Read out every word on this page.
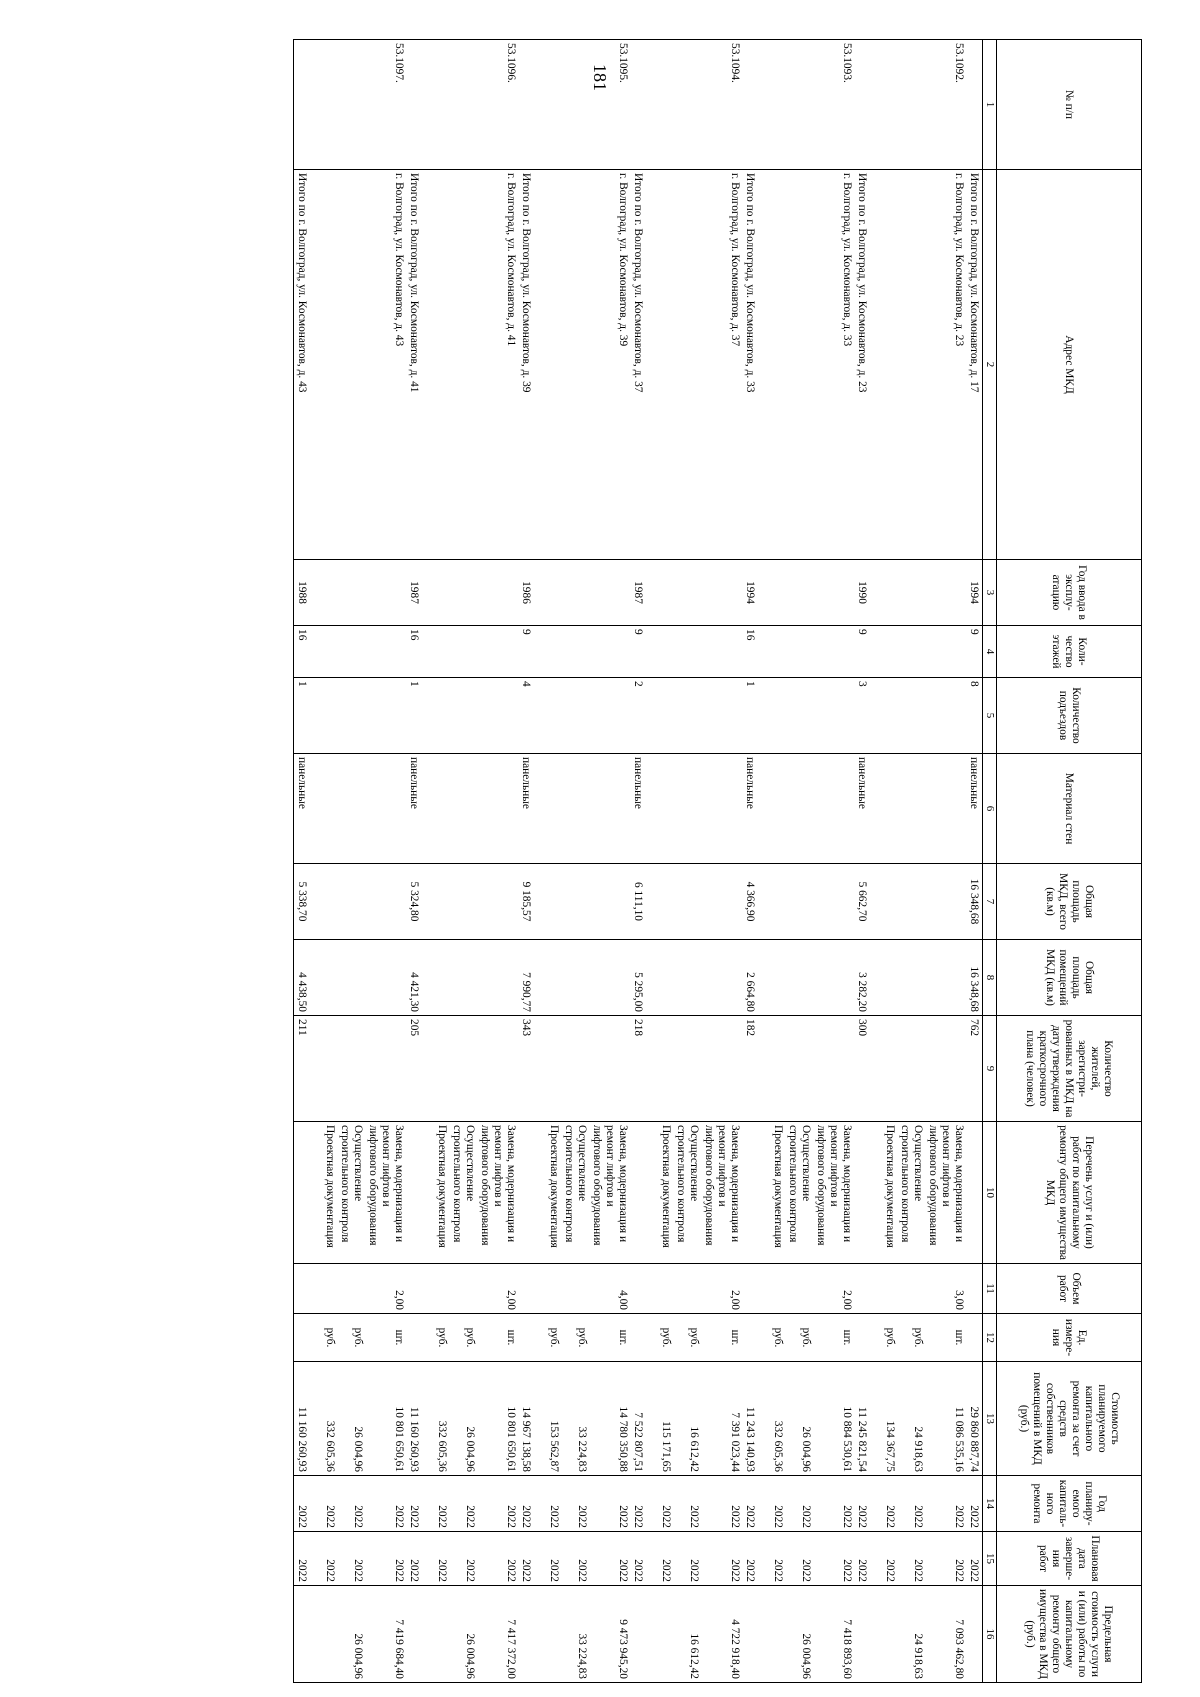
181
№ п/п	Адрес МКД	Год ввода в эксплу-атацию	Коли-чество этажей	Количество подъездов	Материал стен	Общая площадь МКД, всего (кв.м)	Общая площадь помещений МКД (кв.м)	Количество жителей, зарегистри-рованных в МКД на дату утверждения краткосрочного плана (человек)	Перечень услуг и (или) работ по капитальному ремонту общего имущества МКД	Объем работ	Ед. измере-ния	Стоимость планируемого капитального ремонта за счет средств собственников помещений в МКД (руб.)	Год планиру-емого капиталь-ного ремонта	Плановая дата заверше-ния работ	Предельная стоимость услуги и (или) работы по капитальному ремонту общего имущества в МКД (руб.)
1	2	3	4	5	6	7	8	9	10	11	12	13	14	15	16
	Итого по г. Волгоград, ул. Космонавтов, д. 17	1994	9	8	панельные	16 348,68	16 348,68	762				29 860 887,74	2022	2022	
53.1092.	г. Волгоград, ул. Космонавтов, д. 23								Замена, модернизация и ремонт лифтов и лифтового оборудования	3,00	шт.	11 086 535,16	2022	2022	7 093 462,80
									Осуществление строительного контроля		руб.	24 918,63	2022	2022	24 918,63
									Проектная документация		руб.	134 367,75	2022	2022	

	Итого по г. Волгоград, ул. Космонавтов, д. 23	1990	9	3	панельные	5 662,70	3 282,20	300				11 245 821,54	2022	2022	
53.1093.	г. Волгоград, ул. Космонавтов, д. 33								Замена, модернизация и ремонт лифтов и лифтового оборудования	2,00	шт.	10 884 530,61	2022	2022	7 418 893,60
									Осуществление строительного контроля		руб.	26 004,96	2022	2022	26 004,96
									Проектная документация		руб.	332 605,36	2022	2022	

	Итого по г. Волгоград, ул. Космонавтов, д. 33	1994	16	1	панельные	4 366,90	2 664,80	182				11 243 140,93	2022	2022	
53.1094.	г. Волгоград, ул. Космонавтов, д. 37								Замена, модернизация и ремонт лифтов и лифтового оборудования	2,00	шт.	7 391 023,44	2022	2022	4 722 918,40
									Осуществление строительного контроля		руб.	16 612,42	2022	2022	16 612,42
									Проектная документация		руб.	115 171,65	2022	2022	

	Итого по г. Волгоград, ул. Космонавтов, д. 37	1987	9	2	панельные	6 111,10	5 295,00	218				7 522 807,51	2022	2022	
53.1095.	г. Волгоград, ул. Космонавтов, д. 39								Замена, модернизация и ремонт лифтов и лифтового оборудования	4,00	шт.	14 780 350,88	2022	2022	9 473 945,20
									Осуществление строительного контроля		руб.	33 224,83	2022	2022	33 224,83
									Проектная документация		руб.	153 562,87	2022	2022	

	Итого по г. Волгоград, ул. Космонавтов, д. 39	1986	9	4	панельные	9 185,57	7 990,77	343				14 967 138,58	2022	2022	
53.1096.	г. Волгоград, ул. Космонавтов, д. 41								Замена, модернизация и ремонт лифтов и лифтового оборудования	2,00	шт.	10 801 650,61	2022	2022	7 417 372,00
									Осуществление строительного контроля		руб.	26 004,96	2022	2022	26 004,96
									Проектная документация		руб.	332 605,36	2022	2022	

	Итого по г. Волгоград, ул. Космонавтов, д. 41	1987	16	1	панельные	5 324,80	4 421,30	205				11 160 260,93	2022	2022	
53.1097.	г. Волгоград, ул. Космонавтов, д. 43								Замена, модернизация и ремонт лифтов и лифтового оборудования	2,00	шт.	10 801 650,61	2022	2022	7 419 684,40
									Осуществление строительного контроля		руб.	26 004,96	2022	2022	26 004,96
									Проектная документация		руб.	332 605,36	2022	2022	

	Итого по г. Волгоград, ул. Космонавтов, д. 43	1988	16	1	панельные	5 338,70	4 438,50	211				11 160 260,93	2022	2022	
